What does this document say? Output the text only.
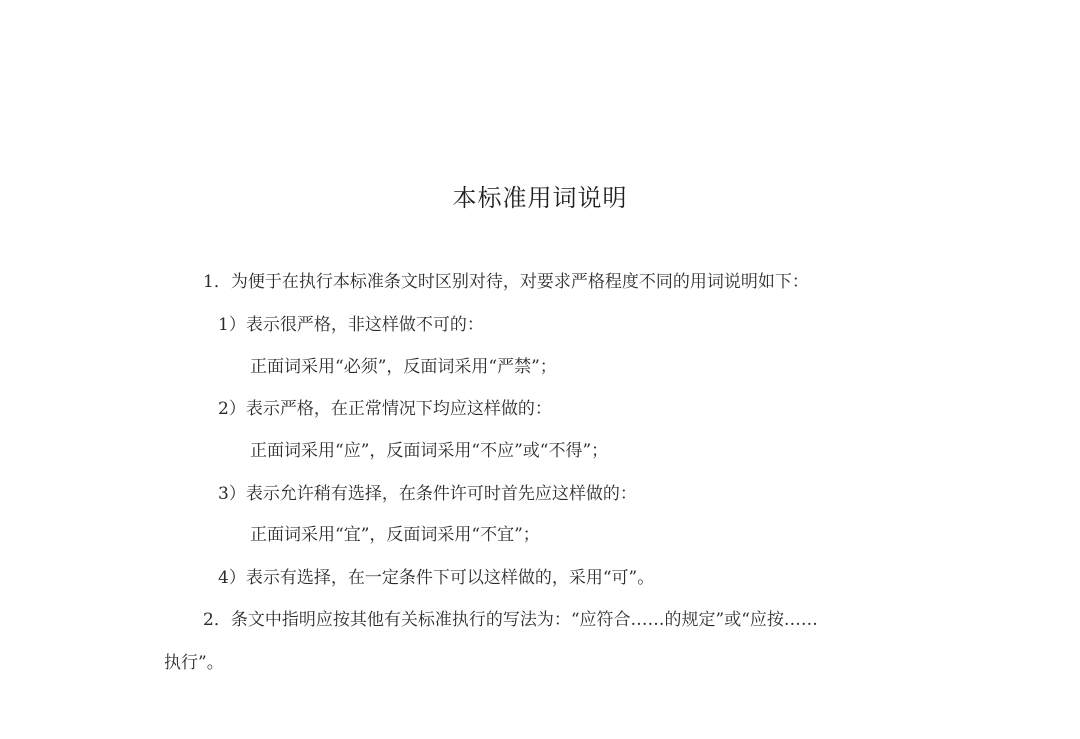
本标准用词说明
1．为便于在执行本标准条文时区别对待，对要求严格程度不同的用词说明如下：
1）表示很严格，非这样做不可的：
正面词采用“必须”，反面词采用“严禁”；
2）表示严格，在正常情况下均应这样做的：
正面词采用“应”，反面词采用“不应”或“不得”；
3）表示允许稍有选择，在条件许可时首先应这样做的：
正面词采用“宜”，反面词采用“不宜”；
4）表示有选择，在一定条件下可以这样做的，采用“可”。
2．条文中指明应按其他有关标准执行的写法为：“应符合……的规定”或“应按……
执行”。
